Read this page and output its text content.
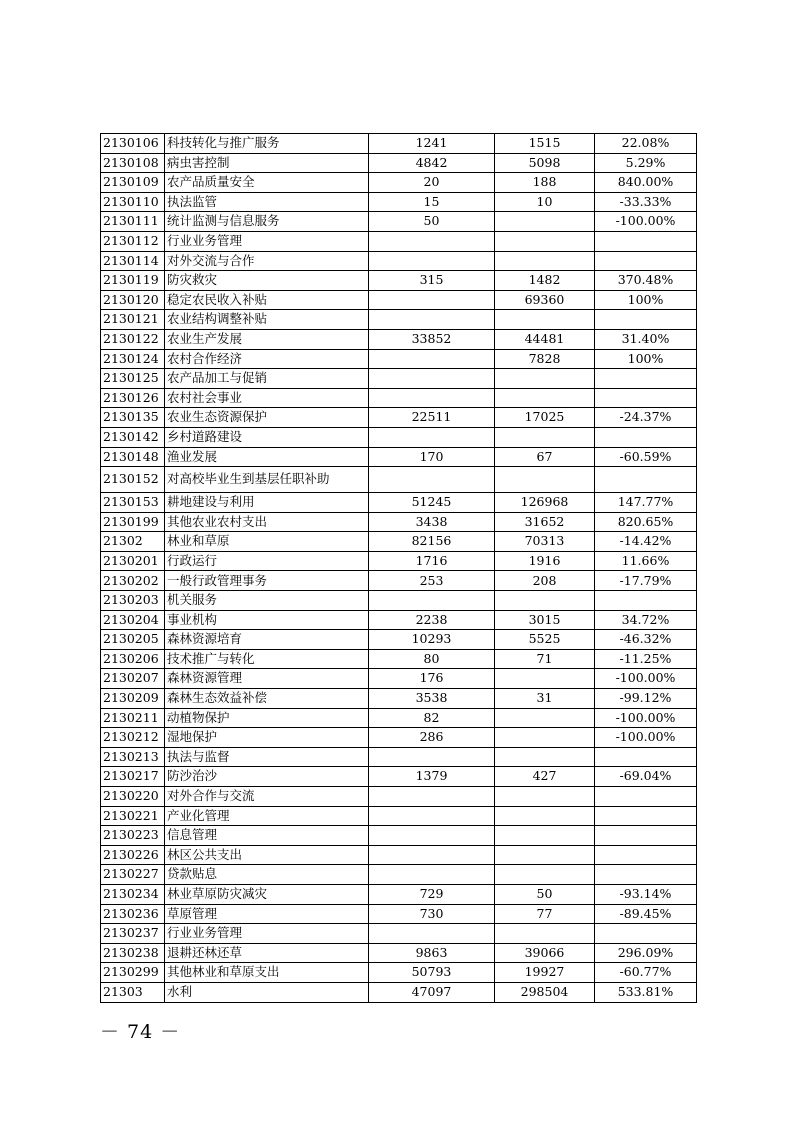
2130106	科技转化与推广服务	1241	1515	22.08%
2130108	病虫害控制	4842	5098	5.29%
2130109	农产品质量安全	20	188	840.00%
2130110	执法监管	15	10	-33.33%
2130111	统计监测与信息服务	50		-100.00%
2130112	行业业务管理			
2130114	对外交流与合作			
2130119	防灾救灾	315	1482	370.48%
2130120	稳定农民收入补贴		69360	100%
2130121	农业结构调整补贴			
2130122	农业生产发展	33852	44481	31.40%
2130124	农村合作经济		7828	100%
2130125	农产品加工与促销			
2130126	农村社会事业			
2130135	农业生态资源保护	22511	17025	-24.37%
2130142	乡村道路建设			
2130148	渔业发展	170	67	-60.59%
2130152	对高校毕业生到基层任职补助			
2130153	耕地建设与利用	51245	126968	147.77%
2130199	其他农业农村支出	3438	31652	820.65%
21302	林业和草原	82156	70313	-14.42%
2130201	行政运行	1716	1916	11.66%
2130202	一般行政管理事务	253	208	-17.79%
2130203	机关服务			
2130204	事业机构	2238	3015	34.72%
2130205	森林资源培育	10293	5525	-46.32%
2130206	技术推广与转化	80	71	-11.25%
2130207	森林资源管理	176		-100.00%
2130209	森林生态效益补偿	3538	31	-99.12%
2130211	动植物保护	82		-100.00%
2130212	湿地保护	286		-100.00%
2130213	执法与监督			
2130217	防沙治沙	1379	427	-69.04%
2130220	对外合作与交流			
2130221	产业化管理			
2130223	信息管理			
2130226	林区公共支出			
2130227	贷款贴息			
2130234	林业草原防灾减灾	729	50	-93.14%
2130236	草原管理	730	77	-89.45%
2130237	行业业务管理			
2130238	退耕还林还草	9863	39066	296.09%
2130299	其他林业和草原支出	50793	19927	-60.77%
21303	水利	47097	298504	533.81%
－ 74 －
